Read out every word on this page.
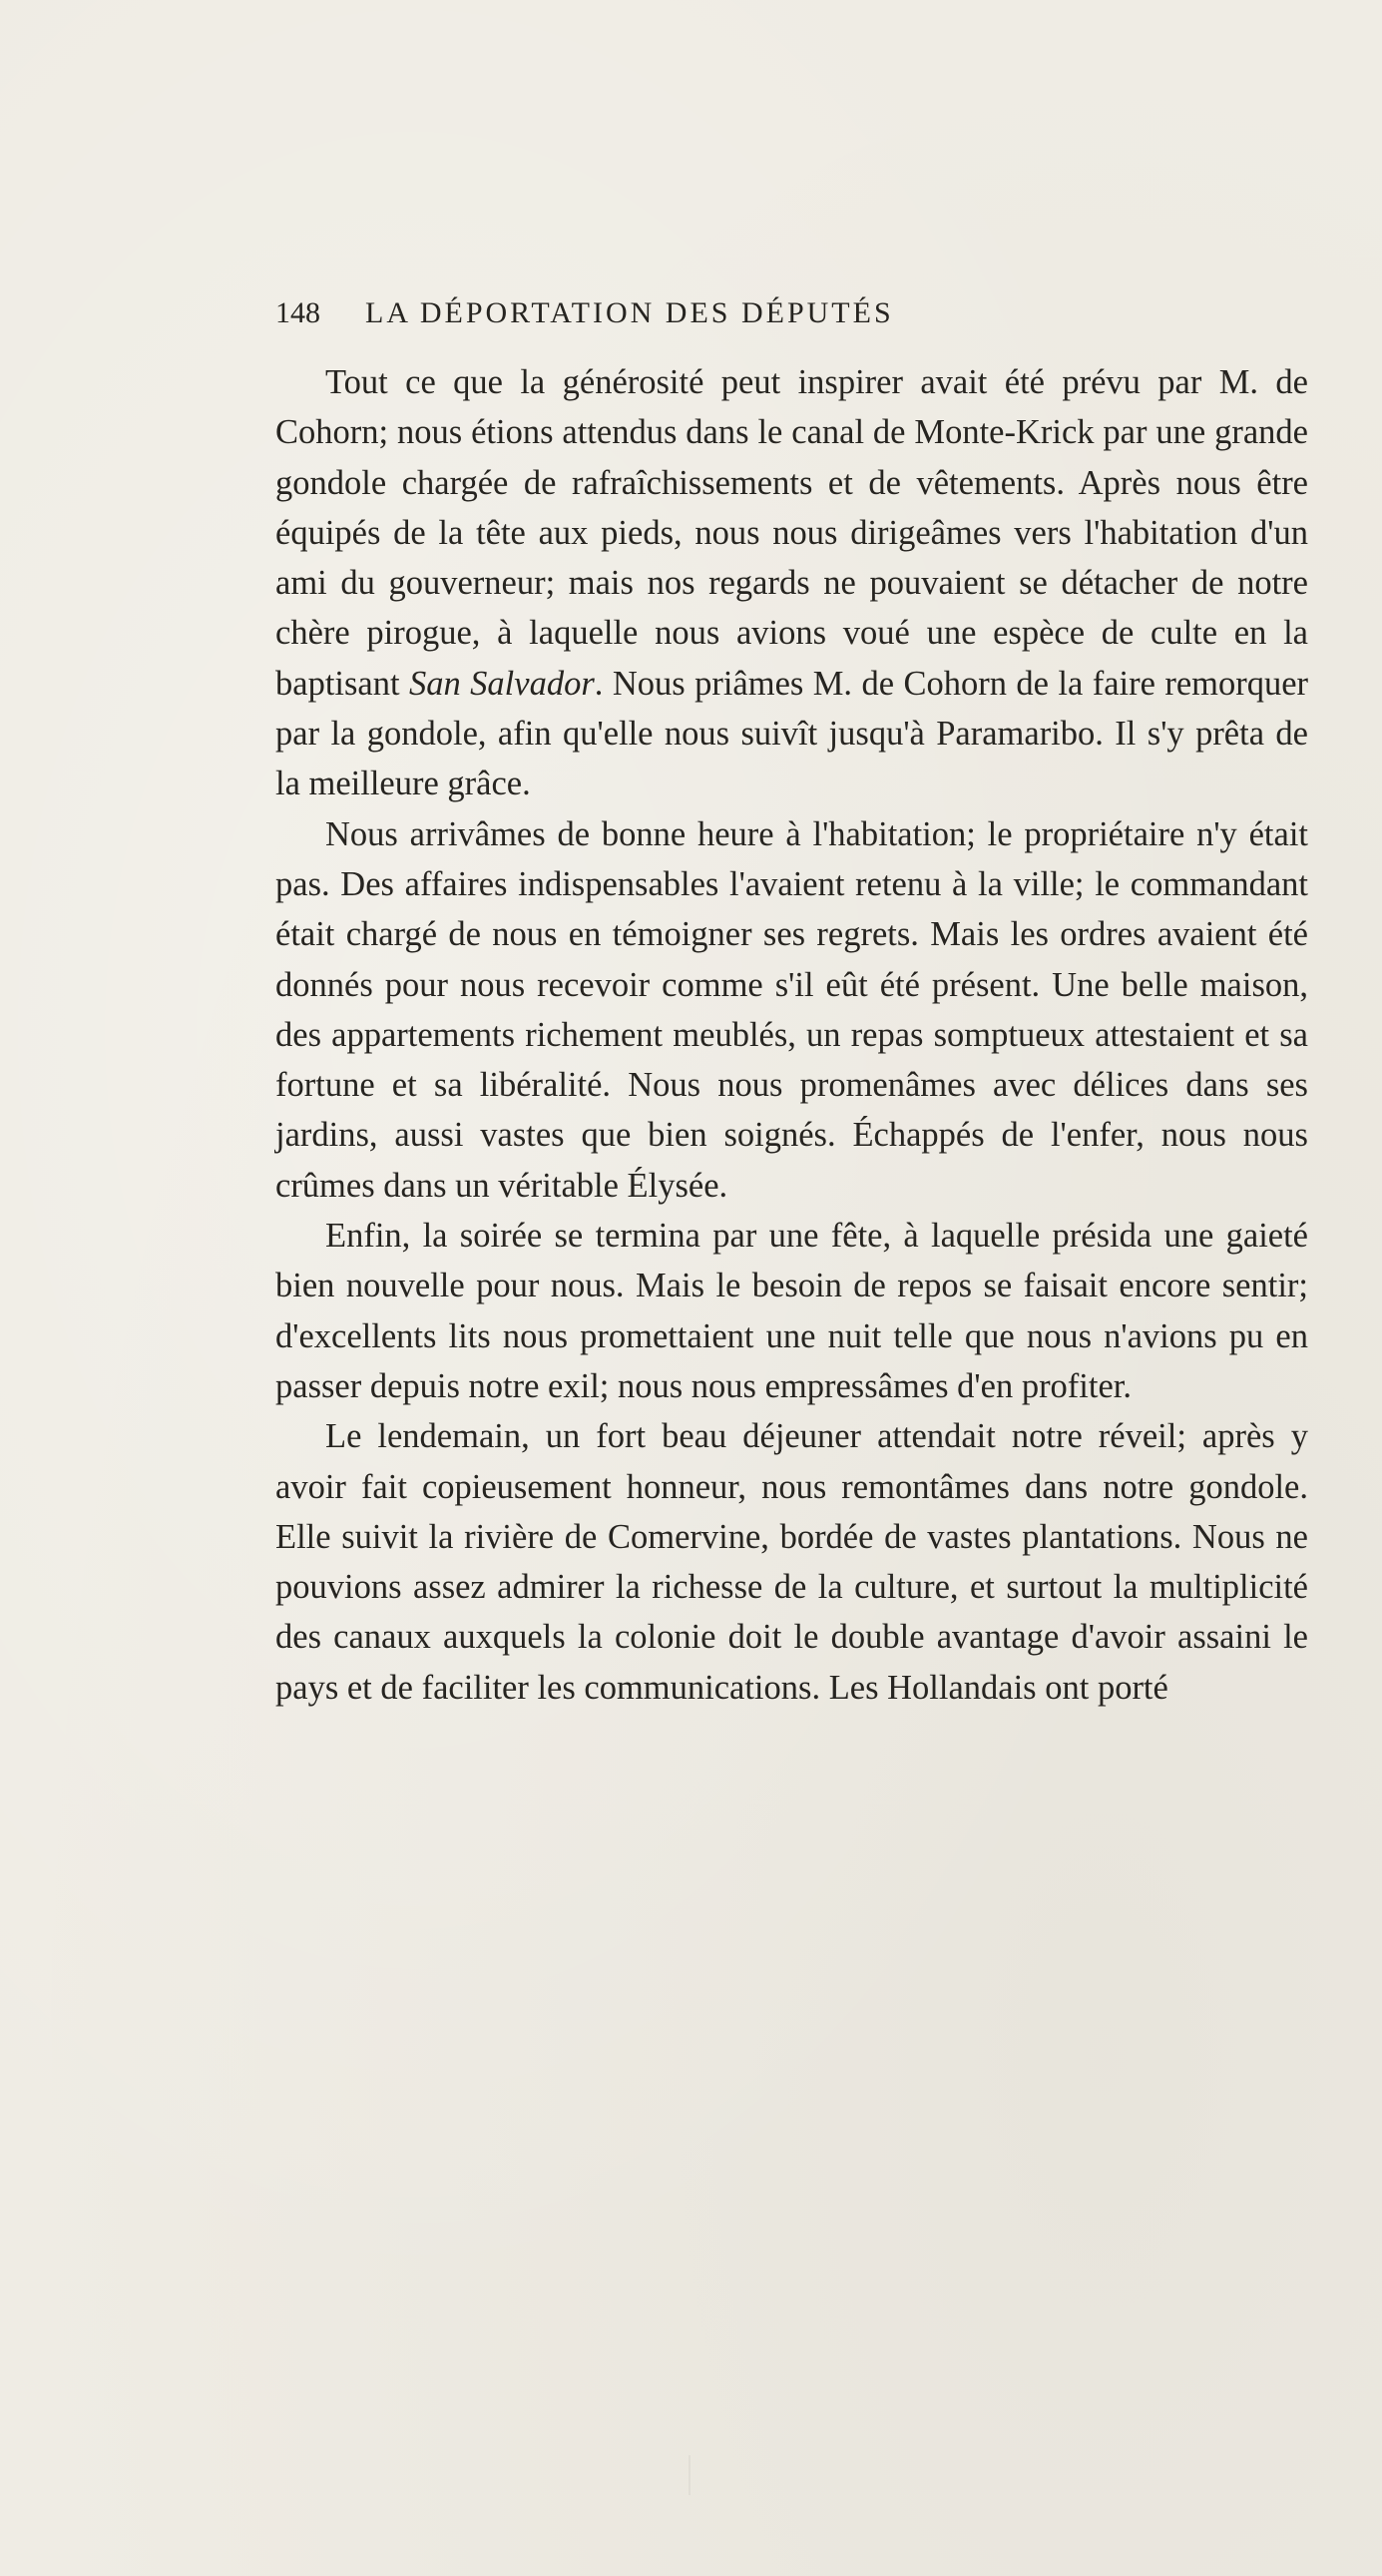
148 LA DÉPORTATION DES DÉPUTÉS

Tout ce que la générosité peut inspirer avait été prévu par M. de Cohorn; nous étions attendus dans le canal de Monte-Krick par une grande gondole chargée de rafraîchissements et de vêtements. Après nous être équipés de la tête aux pieds, nous nous dirigeâmes vers l'habitation d'un ami du gouverneur; mais nos regards ne pouvaient se détacher de notre chère pirogue, à laquelle nous avions voué une espèce de culte en la baptisant San Salvador. Nous priâmes M. de Cohorn de la faire remorquer par la gondole, afin qu'elle nous suivît jusqu'à Paramaribo. Il s'y prêta de la meilleure grâce.

Nous arrivâmes de bonne heure à l'habitation; le propriétaire n'y était pas. Des affaires indispensables l'avaient retenu à la ville; le commandant était chargé de nous en témoigner ses regrets. Mais les ordres avaient été donnés pour nous recevoir comme s'il eût été présent. Une belle maison, des appartements richement meublés, un repas somptueux attestaient et sa fortune et sa libéralité. Nous nous promenâmes avec délices dans ses jardins, aussi vastes que bien soignés. Échappés de l'enfer, nous nous crûmes dans un véritable Élysée.

Enfin, la soirée se termina par une fête, à laquelle présida une gaieté bien nouvelle pour nous. Mais le besoin de repos se faisait encore sentir; d'excellents lits nous promettaient une nuit telle que nous n'avions pu en passer depuis notre exil; nous nous empressâmes d'en profiter.

Le lendemain, un fort beau déjeuner attendait notre réveil; après y avoir fait copieusement honneur, nous remontâmes dans notre gondole. Elle suivit la rivière de Comervine, bordée de vastes plantations. Nous ne pouvions assez admirer la richesse de la culture, et surtout la multiplicité des canaux auxquels la colonie doit le double avantage d'avoir assaini le pays et de faciliter les communications. Les Hollandais ont porté
